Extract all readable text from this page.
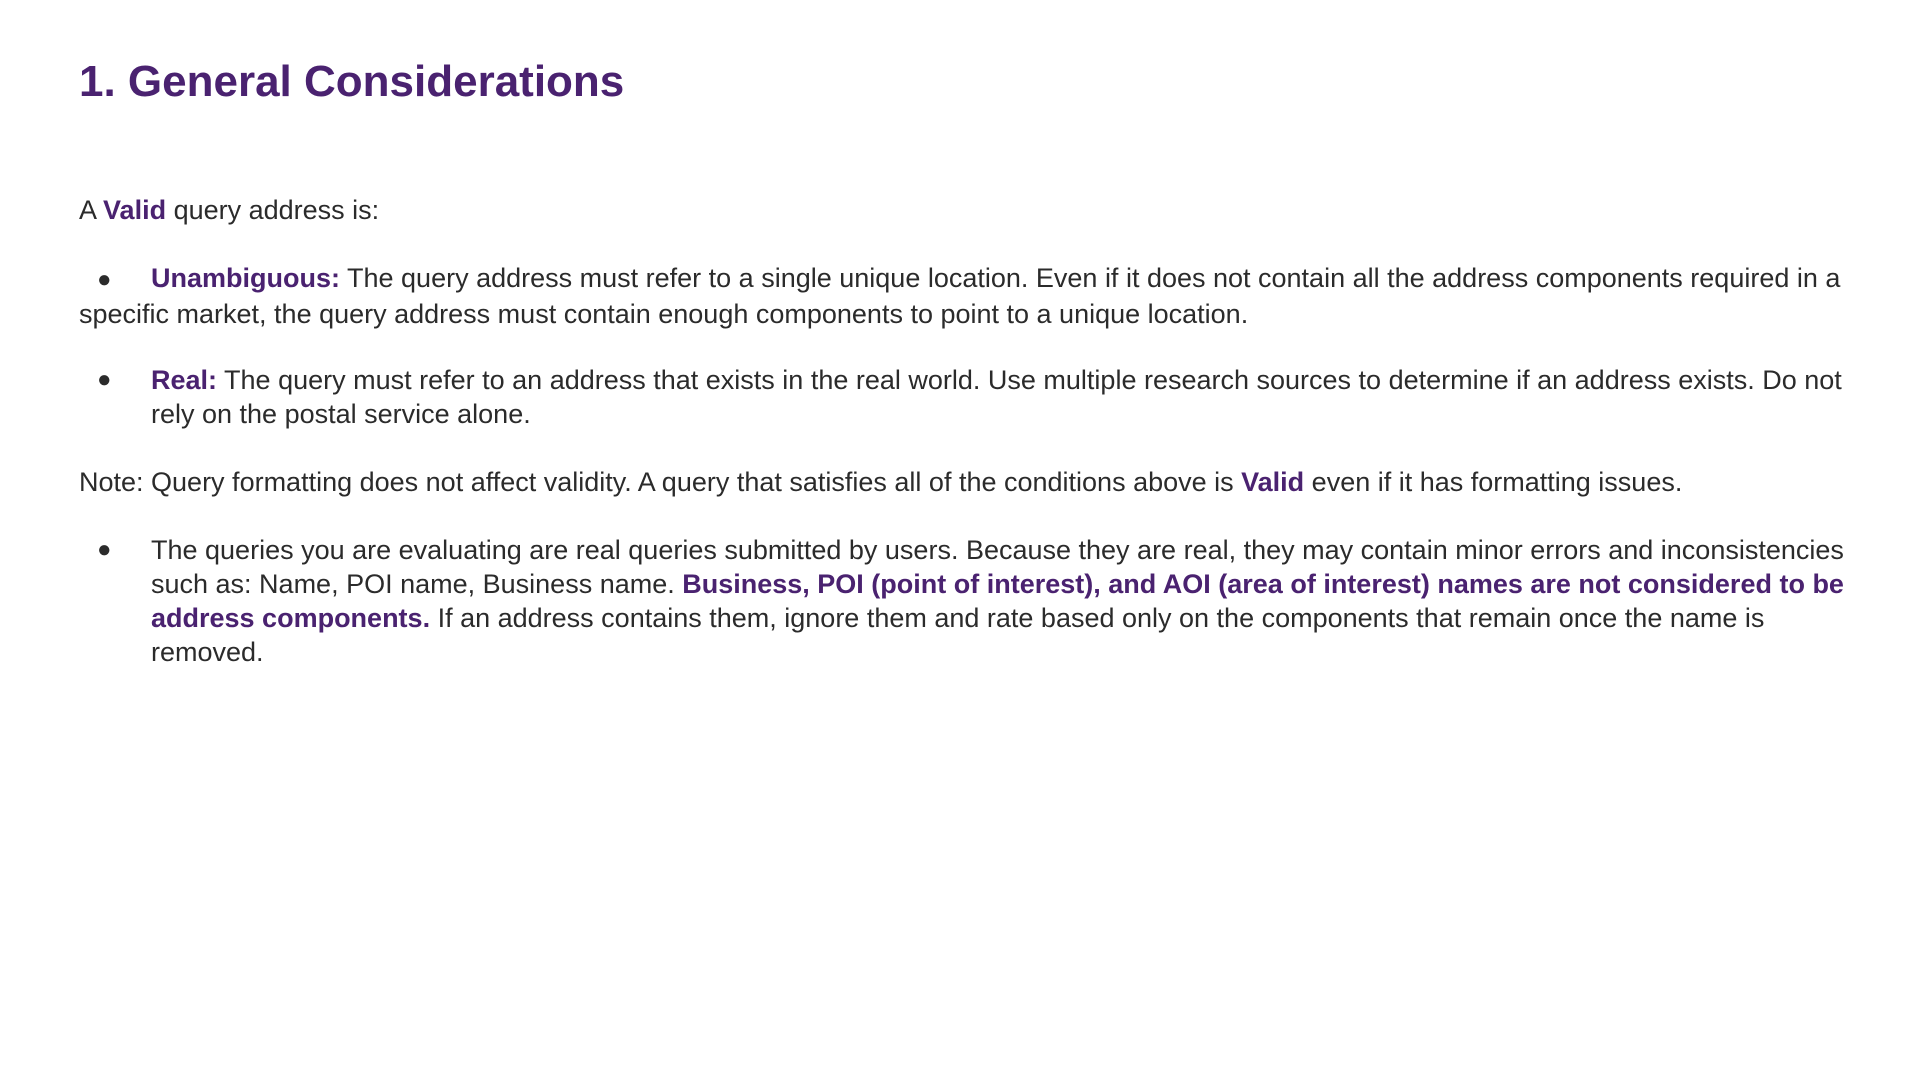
1. General Considerations
A Valid query address is:
● Unambiguous: The query address must refer to a single unique location. Even if it does not contain all the address components required in a specific market, the query address must contain enough components to point to a unique location.
● Real: The query must refer to an address that exists in the real world. Use multiple research sources to determine if an address exists. Do not rely on the postal service alone.
Note: Query formatting does not affect validity. A query that satisfies all of the conditions above is Valid even if it has formatting issues.
● The queries you are evaluating are real queries submitted by users. Because they are real, they may contain minor errors and inconsistencies such as: Name, POI name, Business name. Business, POI (point of interest), and AOI (area of interest) names are not considered to be address components. If an address contains them, ignore them and rate based only on the components that remain once the name is removed.
